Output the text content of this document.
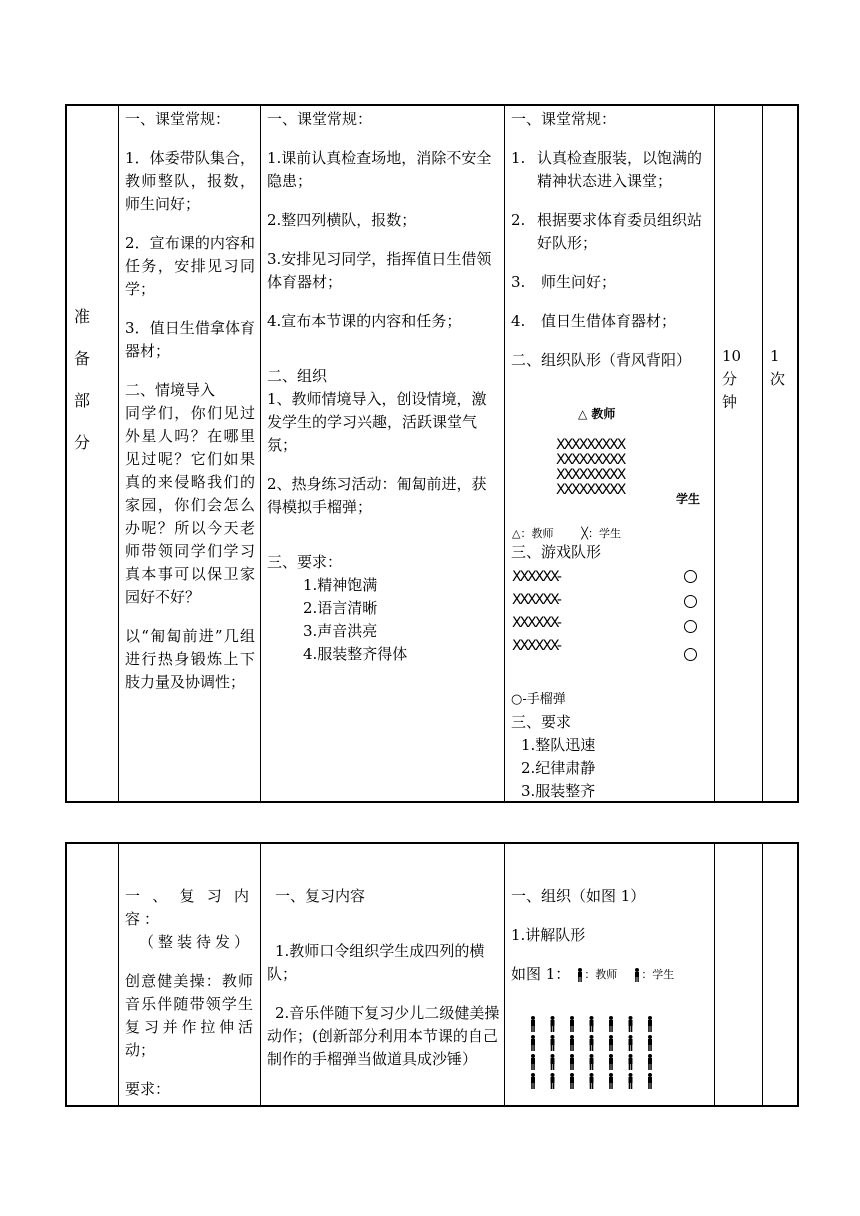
准
备
部
分

一、课堂常规：

1．体委带队集合，教师整队，报数，师生问好；

2．宣布课的内容和任务，安排见习同学；

3．值日生借拿体育器材；

二、情境导入

同学们，你们见过外星人吗？在哪里见过呢？它们如果真的来侵略我们的家园，你们会怎么办呢？所以今天老师带领同学们学习真本事可以保卫家园好不好？

以“匍匐前进”几组进行热身锻炼上下肢力量及协调性；

一、课堂常规：

1.课前认真检查场地，消除不安全隐患；

2.整四列横队，报数；

3.安排见习同学，指挥值日生借领体育器材；

4.宣布本节课的内容和任务；

二、组织

1、教师情境导入，创设情境，激发学生的学习兴趣，活跃课堂气氛；

2、热身练习活动：匍匐前进，获得模拟手榴弹；

三、要求：

1.精神饱满

2.语言清晰

3.声音洪亮

4.服装整齐得体

一、课堂常规：

1. 认真检查服装，以饱满的精神状态进入课堂；
2. 根据要求体育委员组织站好队形；
3.	师生问好；
4.	值日生借体育器材；

二、组织队形（背风背阳）

△ 教师
XXXXXXXXX
XXXXXXXXX
XXXXXXXXX
XXXXXXXXX
学生
△：教师        ╳：学生
三、游戏队形
XXXXXX-
XXXXXX-
XXXXXX-
XXXXXX-
○-手榴弹

三、要求

1.整队迅速

2.纪律肃静

3.服装整齐

10分钟
1次

一、复习内容：

（整装待发）

创意健美操：教师音乐伴随带领学生复习并作拉伸活动；

要求：

一、复习内容

1.教师口令组织学生成四列的横队；

2.音乐伴随下复习少儿二级健美操动作；(创新部分利用本节课的自己制作的手榴弹当做道具成沙锤）

一、组织（如图 1）

1.讲解队形

如图 1： ：教师 ：学生
